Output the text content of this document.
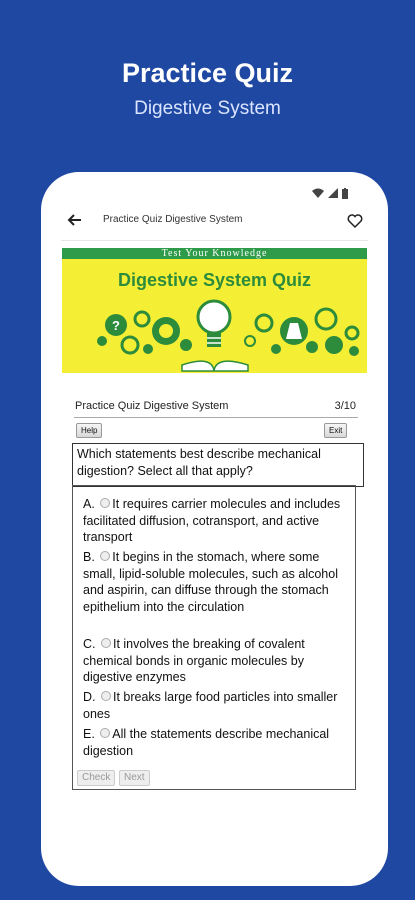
Practice Quiz
Digestive System
Practice Quiz Digestive System
Test Your Knowledge
Digestive System Quiz
?
Practice Quiz Digestive System	3/10
Help	Exit
Which statements best describe mechanical digestion? Select all that apply?
A. It requires carrier molecules and includes facilitated diffusion, cotransport, and active transport
B. It begins in the stomach, where some small, lipid-soluble molecules, such as alcohol and aspirin, can diffuse through the stomach epithelium into the circulation
C. It involves the breaking of covalent chemical bonds in organic molecules by digestive enzymes
D. It breaks large food particles into smaller ones
E. All the statements describe mechanical digestion
Check	Next
